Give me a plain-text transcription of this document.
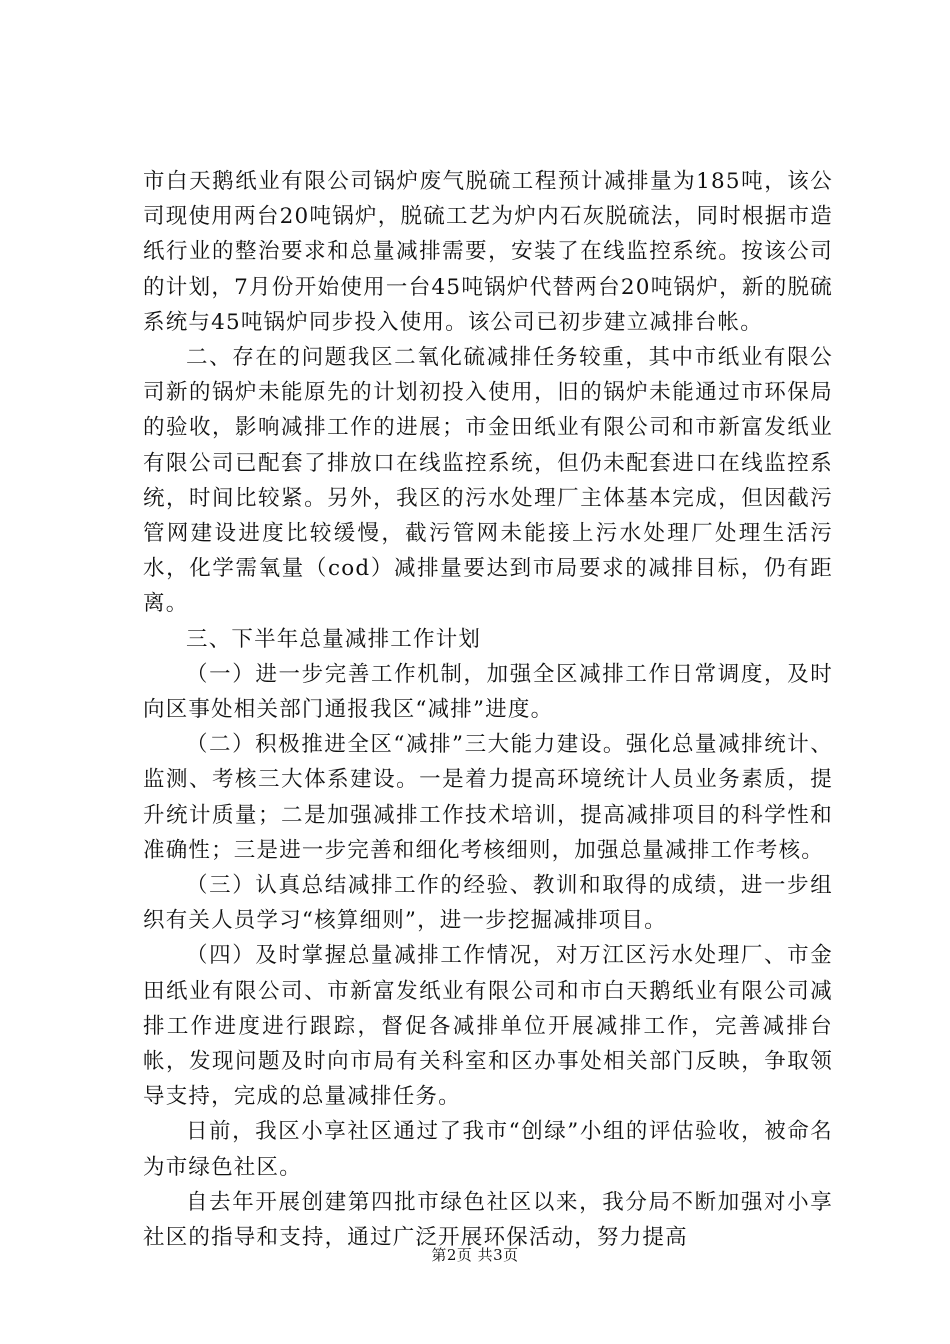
市白天鹅纸业有限公司锅炉废气脱硫工程预计减排量为185吨，该公司现使用两台20吨锅炉，脱硫工艺为炉内石灰脱硫法，同时根据市造纸行业的整治要求和总量减排需要，安装了在线监控系统。按该公司的计划，7月份开始使用一台45吨锅炉代替两台20吨锅炉，新的脱硫系统与45吨锅炉同步投入使用。该公司已初步建立减排台帐。

二、存在的问题我区二氧化硫减排任务较重，其中市纸业有限公司新的锅炉未能原先的计划初投入使用，旧的锅炉未能通过市环保局的验收，影响减排工作的进展；市金田纸业有限公司和市新富发纸业有限公司已配套了排放口在线监控系统，但仍未配套进口在线监控系统，时间比较紧。另外，我区的污水处理厂主体基本完成，但因截污管网建设进度比较缓慢，截污管网未能接上污水处理厂处理生活污水，化学需氧量（cod）减排量要达到市局要求的减排目标，仍有距离。

三、下半年总量减排工作计划

（一）进一步完善工作机制，加强全区减排工作日常调度，及时向区事处相关部门通报我区“减排”进度。

（二）积极推进全区“减排”三大能力建设。强化总量减排统计、监测、考核三大体系建设。一是着力提高环境统计人员业务素质，提升统计质量；二是加强减排工作技术培训，提高减排项目的科学性和准确性；三是进一步完善和细化考核细则，加强总量减排工作考核。

（三）认真总结减排工作的经验、教训和取得的成绩，进一步组织有关人员学习“核算细则”，进一步挖掘减排项目。

（四）及时掌握总量减排工作情况，对万江区污水处理厂、市金田纸业有限公司、市新富发纸业有限公司和市白天鹅纸业有限公司减排工作进度进行跟踪，督促各减排单位开展减排工作，完善减排台帐，发现问题及时向市局有关科室和区办事处相关部门反映，争取领导支持，完成的总量减排任务。

日前，我区小享社区通过了我市“创绿”小组的评估验收，被命名为市绿色社区。

自去年开展创建第四批市绿色社区以来，我分局不断加强对小享社区的指导和支持，通过广泛开展环保活动，努力提高

第2页 共3页
